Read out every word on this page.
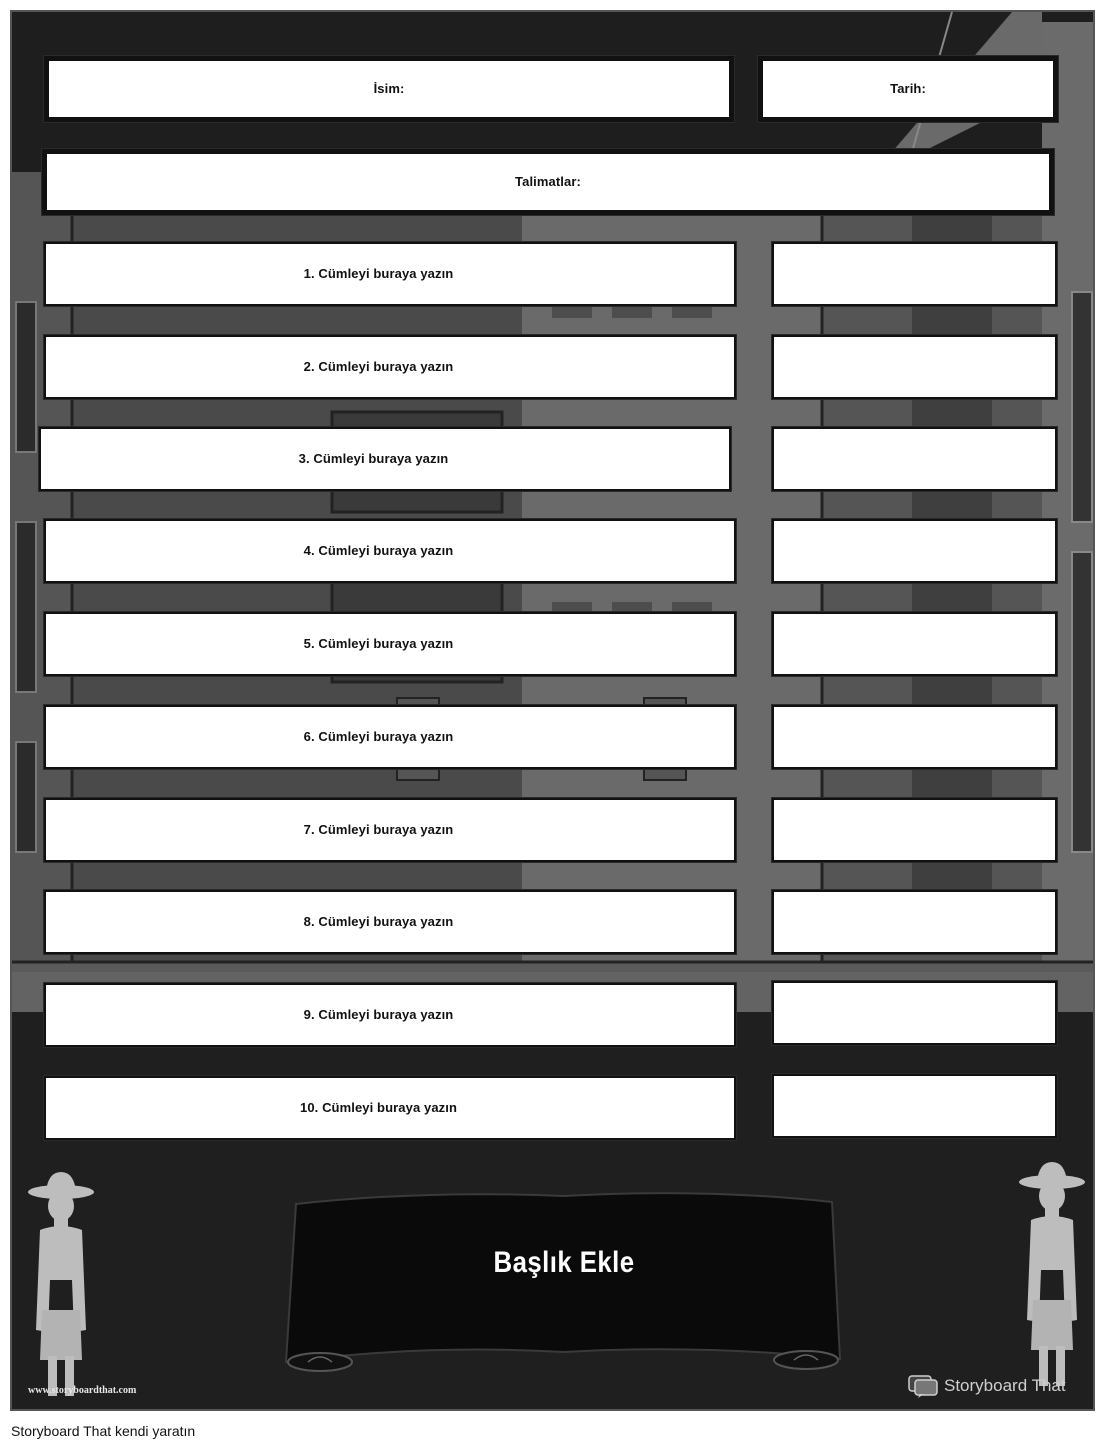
İsim:	Tarih:
Talimatlar:
1. Cümleyi buraya yazın
2. Cümleyi buraya yazın
3. Cümleyi buraya yazın
4. Cümleyi buraya yazın
5. Cümleyi buraya yazın
6. Cümleyi buraya yazın
7. Cümleyi buraya yazın
8. Cümleyi buraya yazın
9. Cümleyi buraya yazın
10. Cümleyi buraya yazın
Başlık Ekle
www.storyboardthat.com	Storyboard That
Storyboard That kendi yaratın
